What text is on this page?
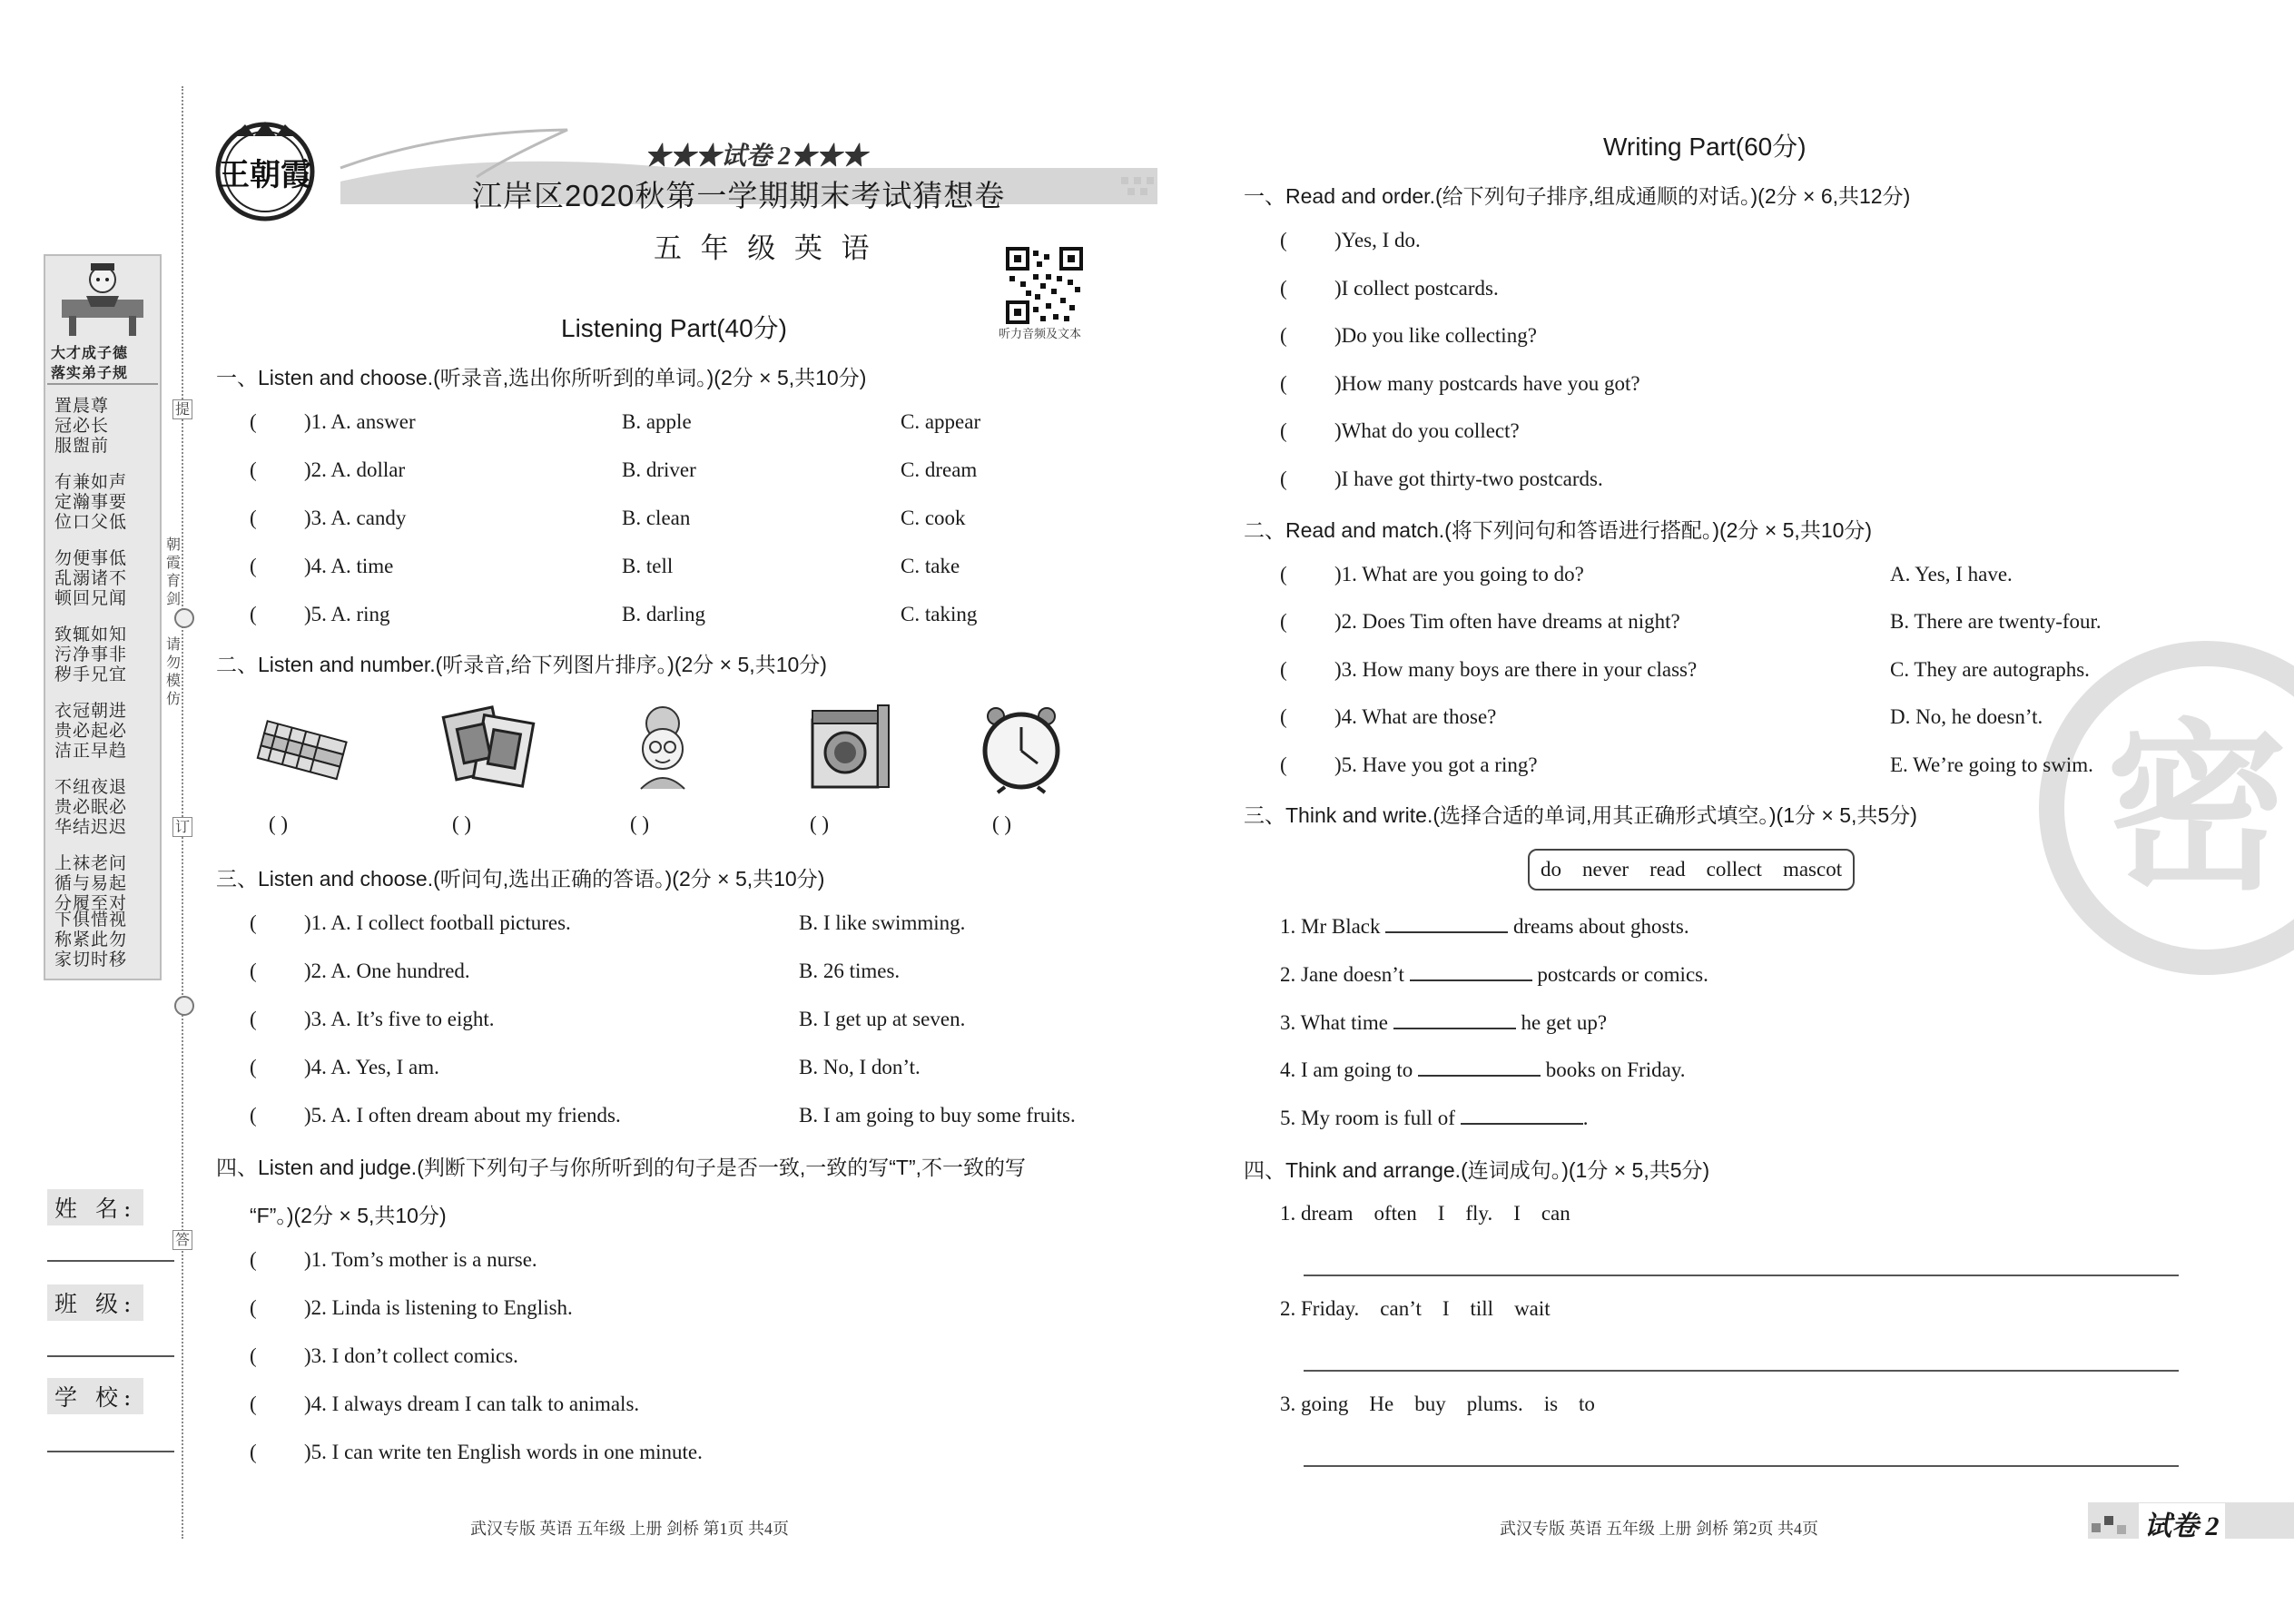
大才成子德
落实弟子规
置晨尊
冠必长
服盥前
有兼如声
定瀚事要
位口父低
勿便事低
乱溺诸不
顿回兄闻
致辄如知
污净事非
秽手兄宜
衣冠朝进
贵必起必
洁正早趋
不纽夜退
贵必眠必
华结迟迟
上袜老问
循与易起
分履至对
下俱惜视
称紧此勿
家切时移
提
朝霞育剑
请勿模仿
订
答
姓 名:
班 级:
学 校:
王朝霞
★★★试卷 2★★★
江岸区2020秋第一学期期末考试猜想卷
五 年 级 英 语
听力音频及文本
Listening Part(40分)
一、Listen and choose.(听录音,选出你所听到的单词。)(2分 × 5,共10分)
( )1. A. answer	B. apple	C. appear
( )2. A. dollar	B. driver	C. dream
( )3. A. candy	B. clean	C. cook
( )4. A. time	B. tell	C. take
( )5. A. ring	B. darling	C. taking
二、Listen and number.(听录音,给下列图片排序。)(2分 × 5,共10分)
( )	( )	( )	( )	( )
三、Listen and choose.(听问句,选出正确的答语。)(2分 × 5,共10分)
( )1. A. I collect football pictures.	B. I like swimming.
( )2. A. One hundred.	B. 26 times.
( )3. A. It’s five to eight.	B. I get up at seven.
( )4. A. Yes, I am.	B. No, I don’t.
( )5. A. I often dream about my friends.	B. I am going to buy some fruits.
四、Listen and judge.(判断下列句子与你所听到的句子是否一致,一致的写“T”,不一致的写
“F”。)(2分 × 5,共10分)
( )1. Tom’s mother is a nurse.
( )2. Linda is listening to English.
( )3. I don’t collect comics.
( )4. I always dream I can talk to animals.
( )5. I can write ten English words in one minute.
武汉专版 英语 五年级 上册 剑桥 第1页 共4页
密
Writing Part(60分)
一、Read and order.(给下列句子排序,组成通顺的对话。)(2分 × 6,共12分)
( )Yes, I do.
( )I collect postcards.
( )Do you like collecting?
( )How many postcards have you got?
( )What do you collect?
( )I have got thirty-two postcards.
二、Read and match.(将下列问句和答语进行搭配。)(2分 × 5,共10分)
( )1. What are you going to do?	A. Yes, I have.
( )2. Does Tim often have dreams at night?	B. There are twenty-four.
( )3. How many boys are there in your class?	C. They are autographs.
( )4. What are those?	D. No, he doesn’t.
( )5. Have you got a ring?	E. We’re going to swim.
三、Think and write.(选择合适的单词,用其正确形式填空。)(1分 × 5,共5分)
do    never    read    collect    mascot
1. Mr Black	dreams about ghosts.
2. Jane doesn’t	postcards or comics.
3. What time	he get up?
4. I am going to	books on Friday.
5. My room is full of	.
四、Think and arrange.(连词成句。)(1分 × 5,共5分)
1. dream    often    I    fly.    I    can
2. Friday.    can’t    I    till    wait
3. going    He    buy    plums.    is    to
武汉专版 英语 五年级 上册 剑桥 第2页 共4页	试卷 2
